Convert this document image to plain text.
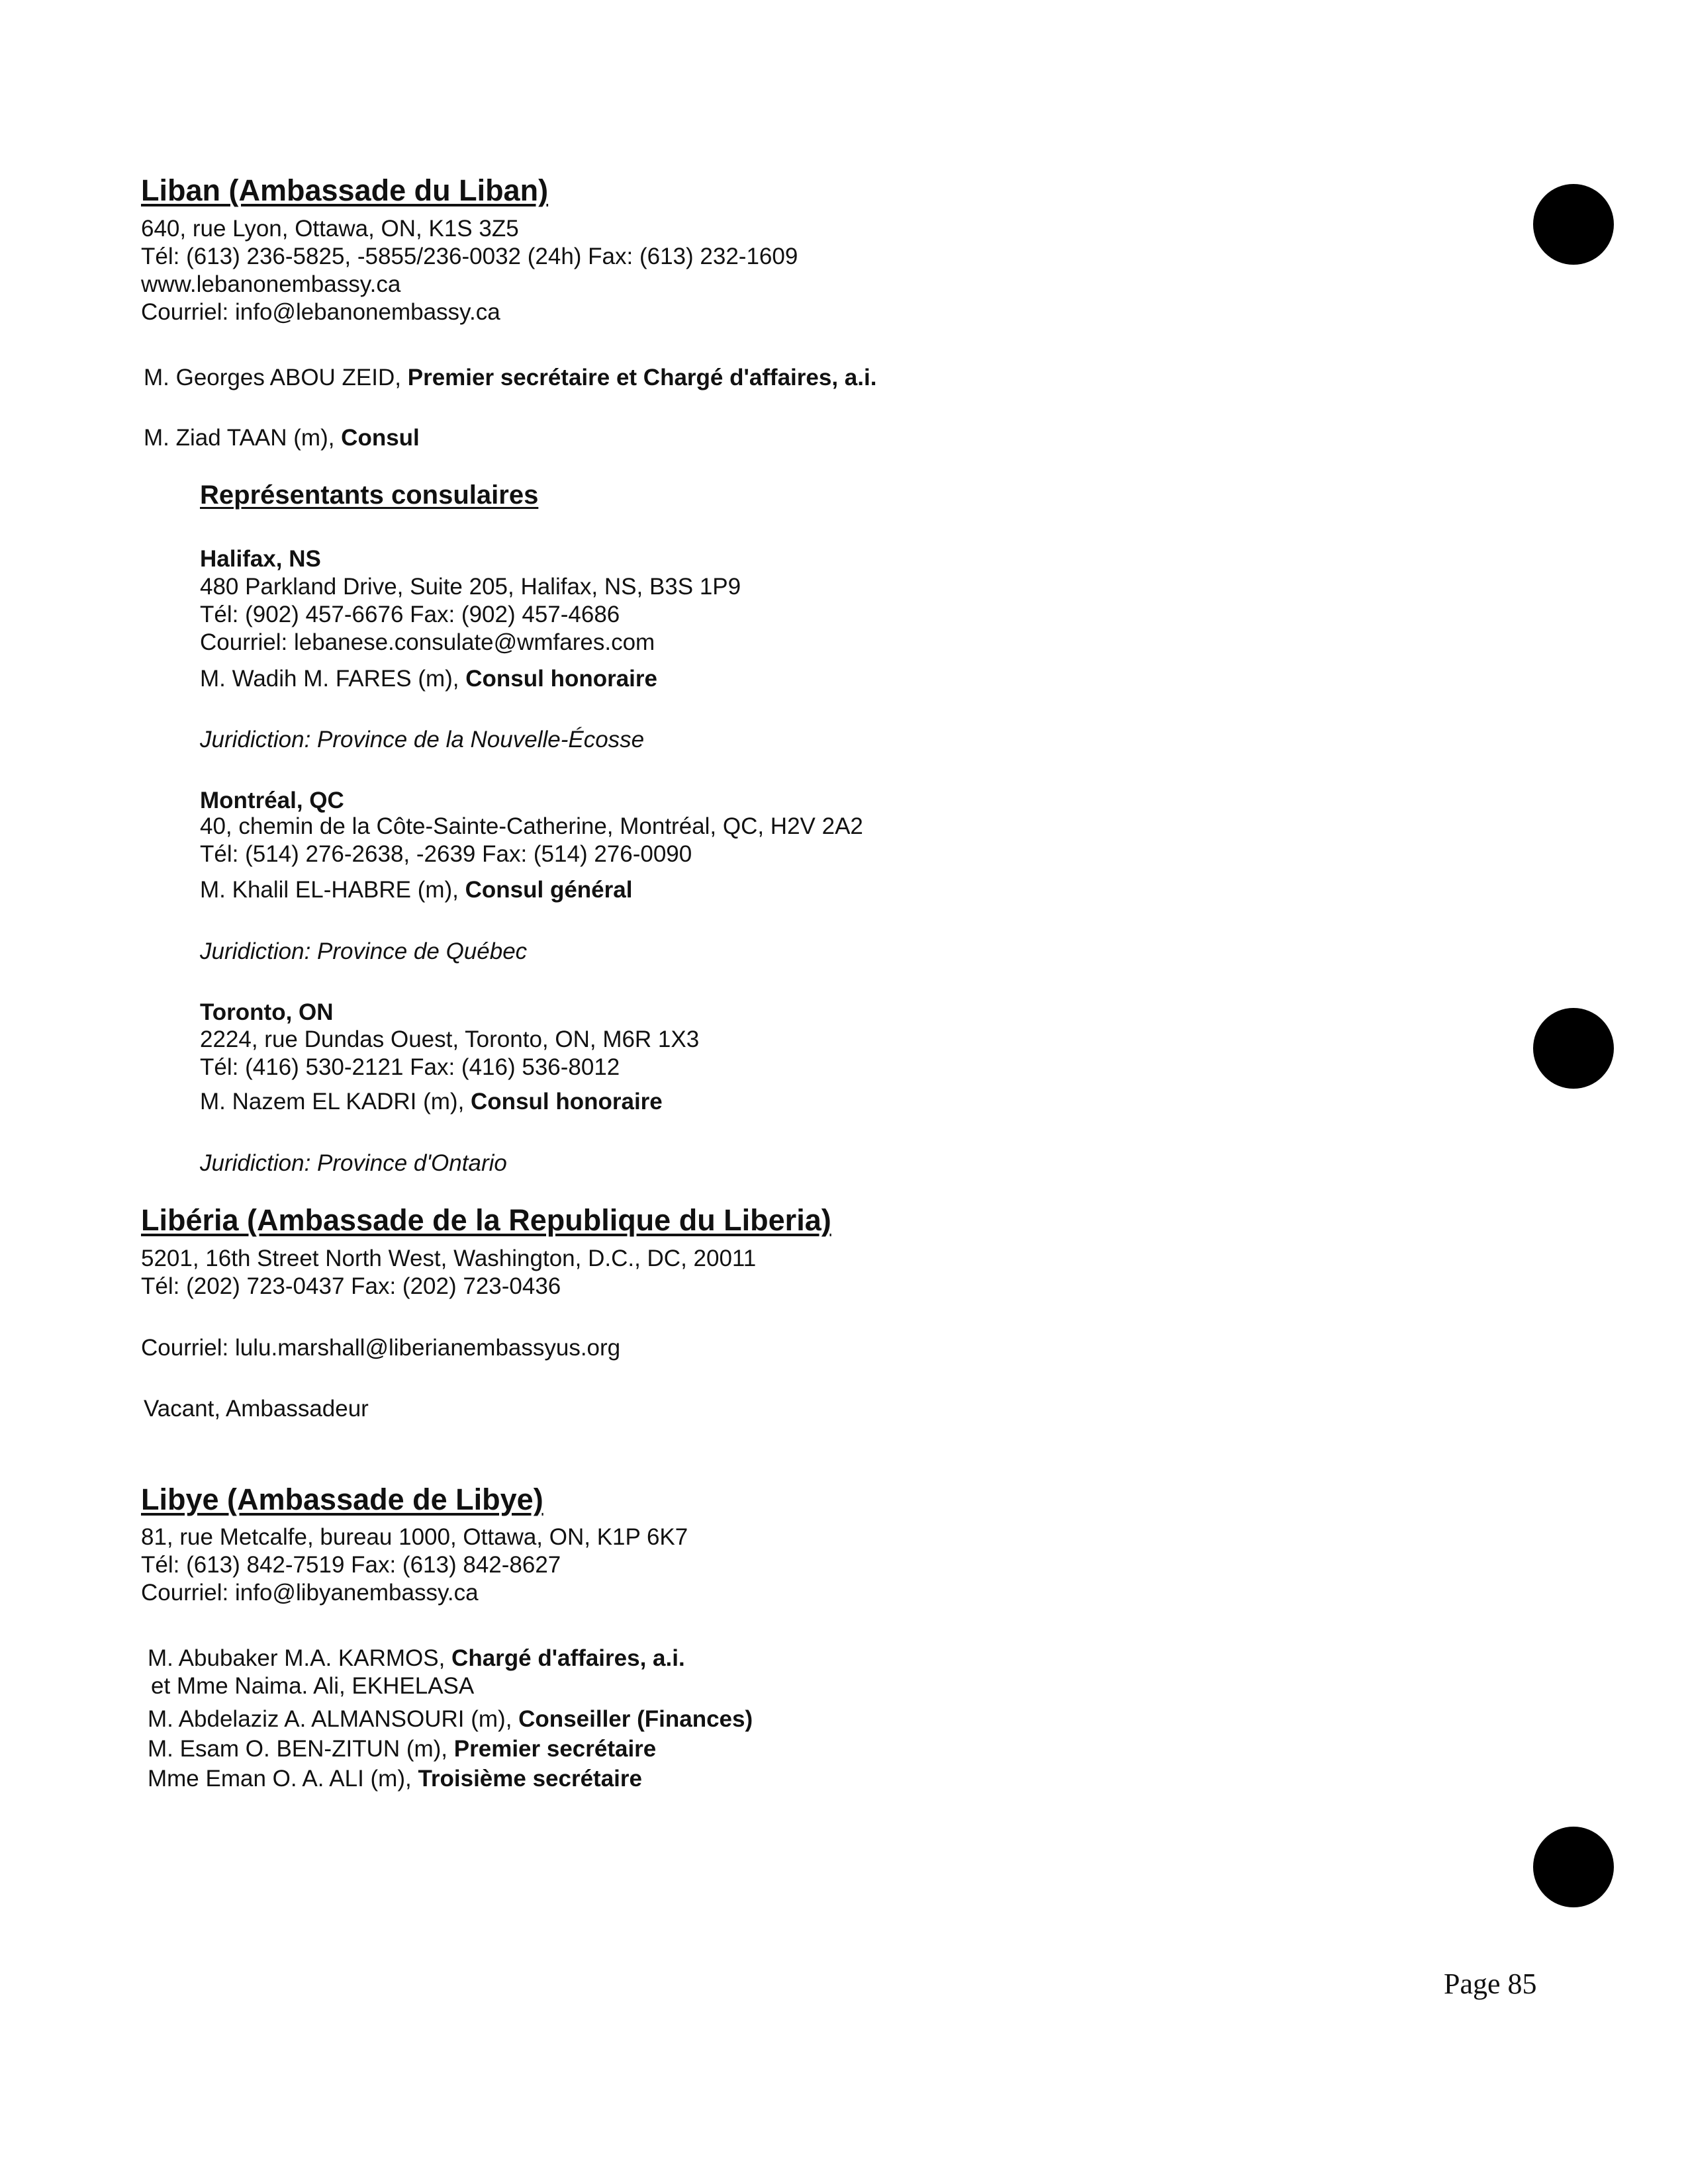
Liban (Ambassade du Liban)
640, rue Lyon, Ottawa, ON, K1S 3Z5
Tél: (613) 236-5825, -5855/236-0032 (24h) Fax: (613) 232-1609
www.lebanonembassy.ca
Courriel: info@lebanonembassy.ca
M. Georges ABOU ZEID, Premier secrétaire et Chargé d'affaires, a.i.
M. Ziad TAAN (m), Consul
Représentants consulaires
Halifax, NS
480 Parkland Drive, Suite 205, Halifax, NS, B3S 1P9
Tél: (902) 457-6676 Fax: (902) 457-4686
Courriel: lebanese.consulate@wmfares.com
M. Wadih M. FARES (m), Consul honoraire
Juridiction: Province de la Nouvelle-Écosse
Montréal, QC
40, chemin de la Côte-Sainte-Catherine, Montréal, QC, H2V 2A2
Tél: (514) 276-2638, -2639 Fax: (514) 276-0090
M. Khalil EL-HABRE (m), Consul général
Juridiction: Province de Québec
Toronto, ON
2224, rue Dundas Ouest, Toronto, ON, M6R 1X3
Tél: (416) 530-2121 Fax: (416) 536-8012
M. Nazem EL KADRI (m), Consul honoraire
Juridiction: Province d'Ontario
Libéria (Ambassade de la Republique du Liberia)
5201, 16th Street North West, Washington, D.C., DC, 20011
Tél: (202) 723-0437 Fax: (202) 723-0436
Courriel: lulu.marshall@liberianembassyus.org
Vacant, Ambassadeur
Libye (Ambassade de Libye)
81, rue Metcalfe, bureau 1000, Ottawa, ON, K1P 6K7
Tél: (613) 842-7519 Fax: (613) 842-8627
Courriel: info@libyanembassy.ca
M. Abubaker M.A. KARMOS, Chargé d'affaires, a.i.
et Mme Naima. Ali, EKHELASA
M. Abdelaziz A. ALMANSOURI (m), Conseiller (Finances)
M. Esam O. BEN-ZITUN (m), Premier secrétaire
Mme Eman O. A. ALI (m), Troisième secrétaire
Page 85
